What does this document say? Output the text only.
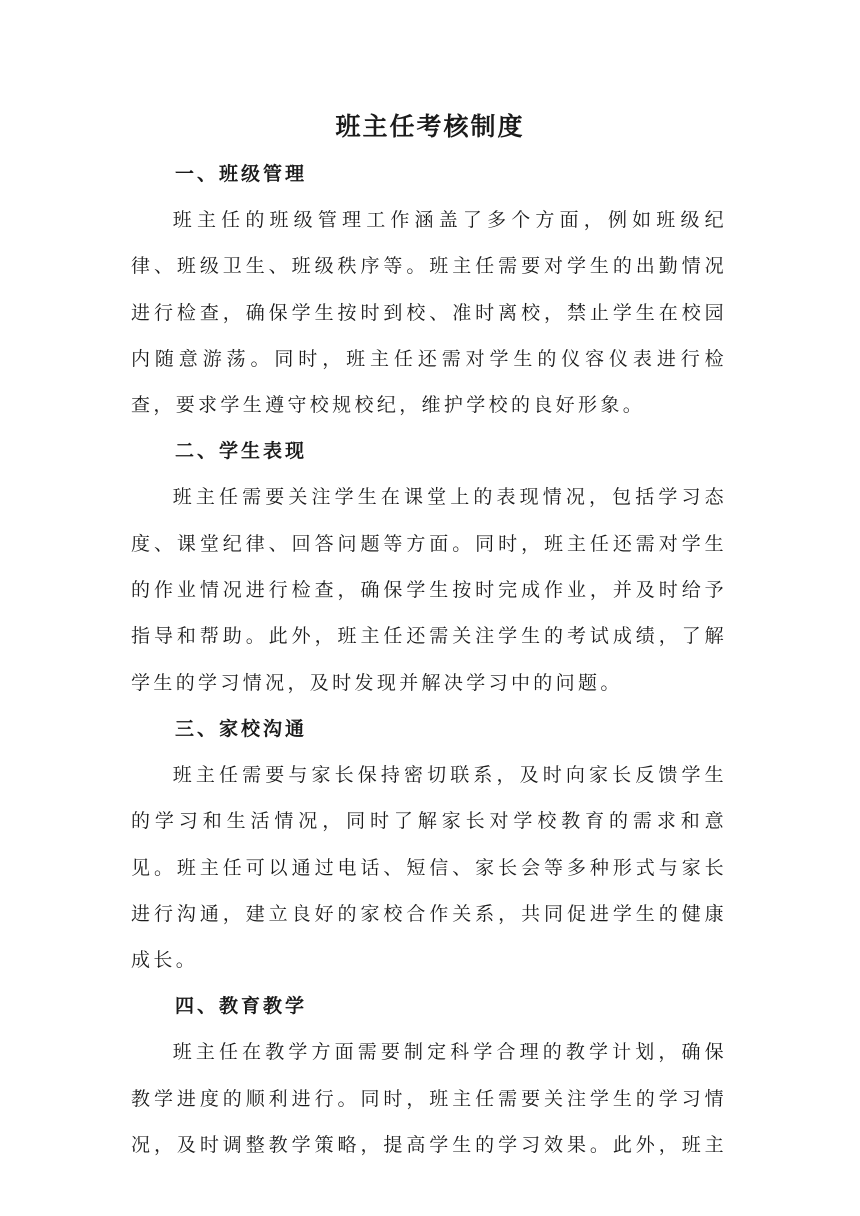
班主任考核制度
一、班级管理

班主任的班级管理工作涵盖了多个方面，例如班级纪律、班级卫生、班级秩序等。班主任需要对学生的出勤情况进行检查，确保学生按时到校、准时离校，禁止学生在校园内随意游荡。同时，班主任还需对学生的仪容仪表进行检查，要求学生遵守校规校纪，维护学校的良好形象。

二、学生表现

班主任需要关注学生在课堂上的表现情况，包括学习态度、课堂纪律、回答问题等方面。同时，班主任还需对学生的作业情况进行检查，确保学生按时完成作业，并及时给予指导和帮助。此外，班主任还需关注学生的考试成绩，了解学生的学习情况，及时发现并解决学习中的问题。

三、家校沟通

班主任需要与家长保持密切联系，及时向家长反馈学生的学习和生活情况，同时了解家长对学校教育的需求和意见。班主任可以通过电话、短信、家长会等多种形式与家长进行沟通，建立良好的家校合作关系，共同促进学生的健康成长。

四、教育教学

班主任在教学方面需要制定科学合理的教学计划，确保教学进度的顺利进行。同时，班主任需要关注学生的学习情况，及时调整教学策略，提高学生的学习效果。此外，班主
